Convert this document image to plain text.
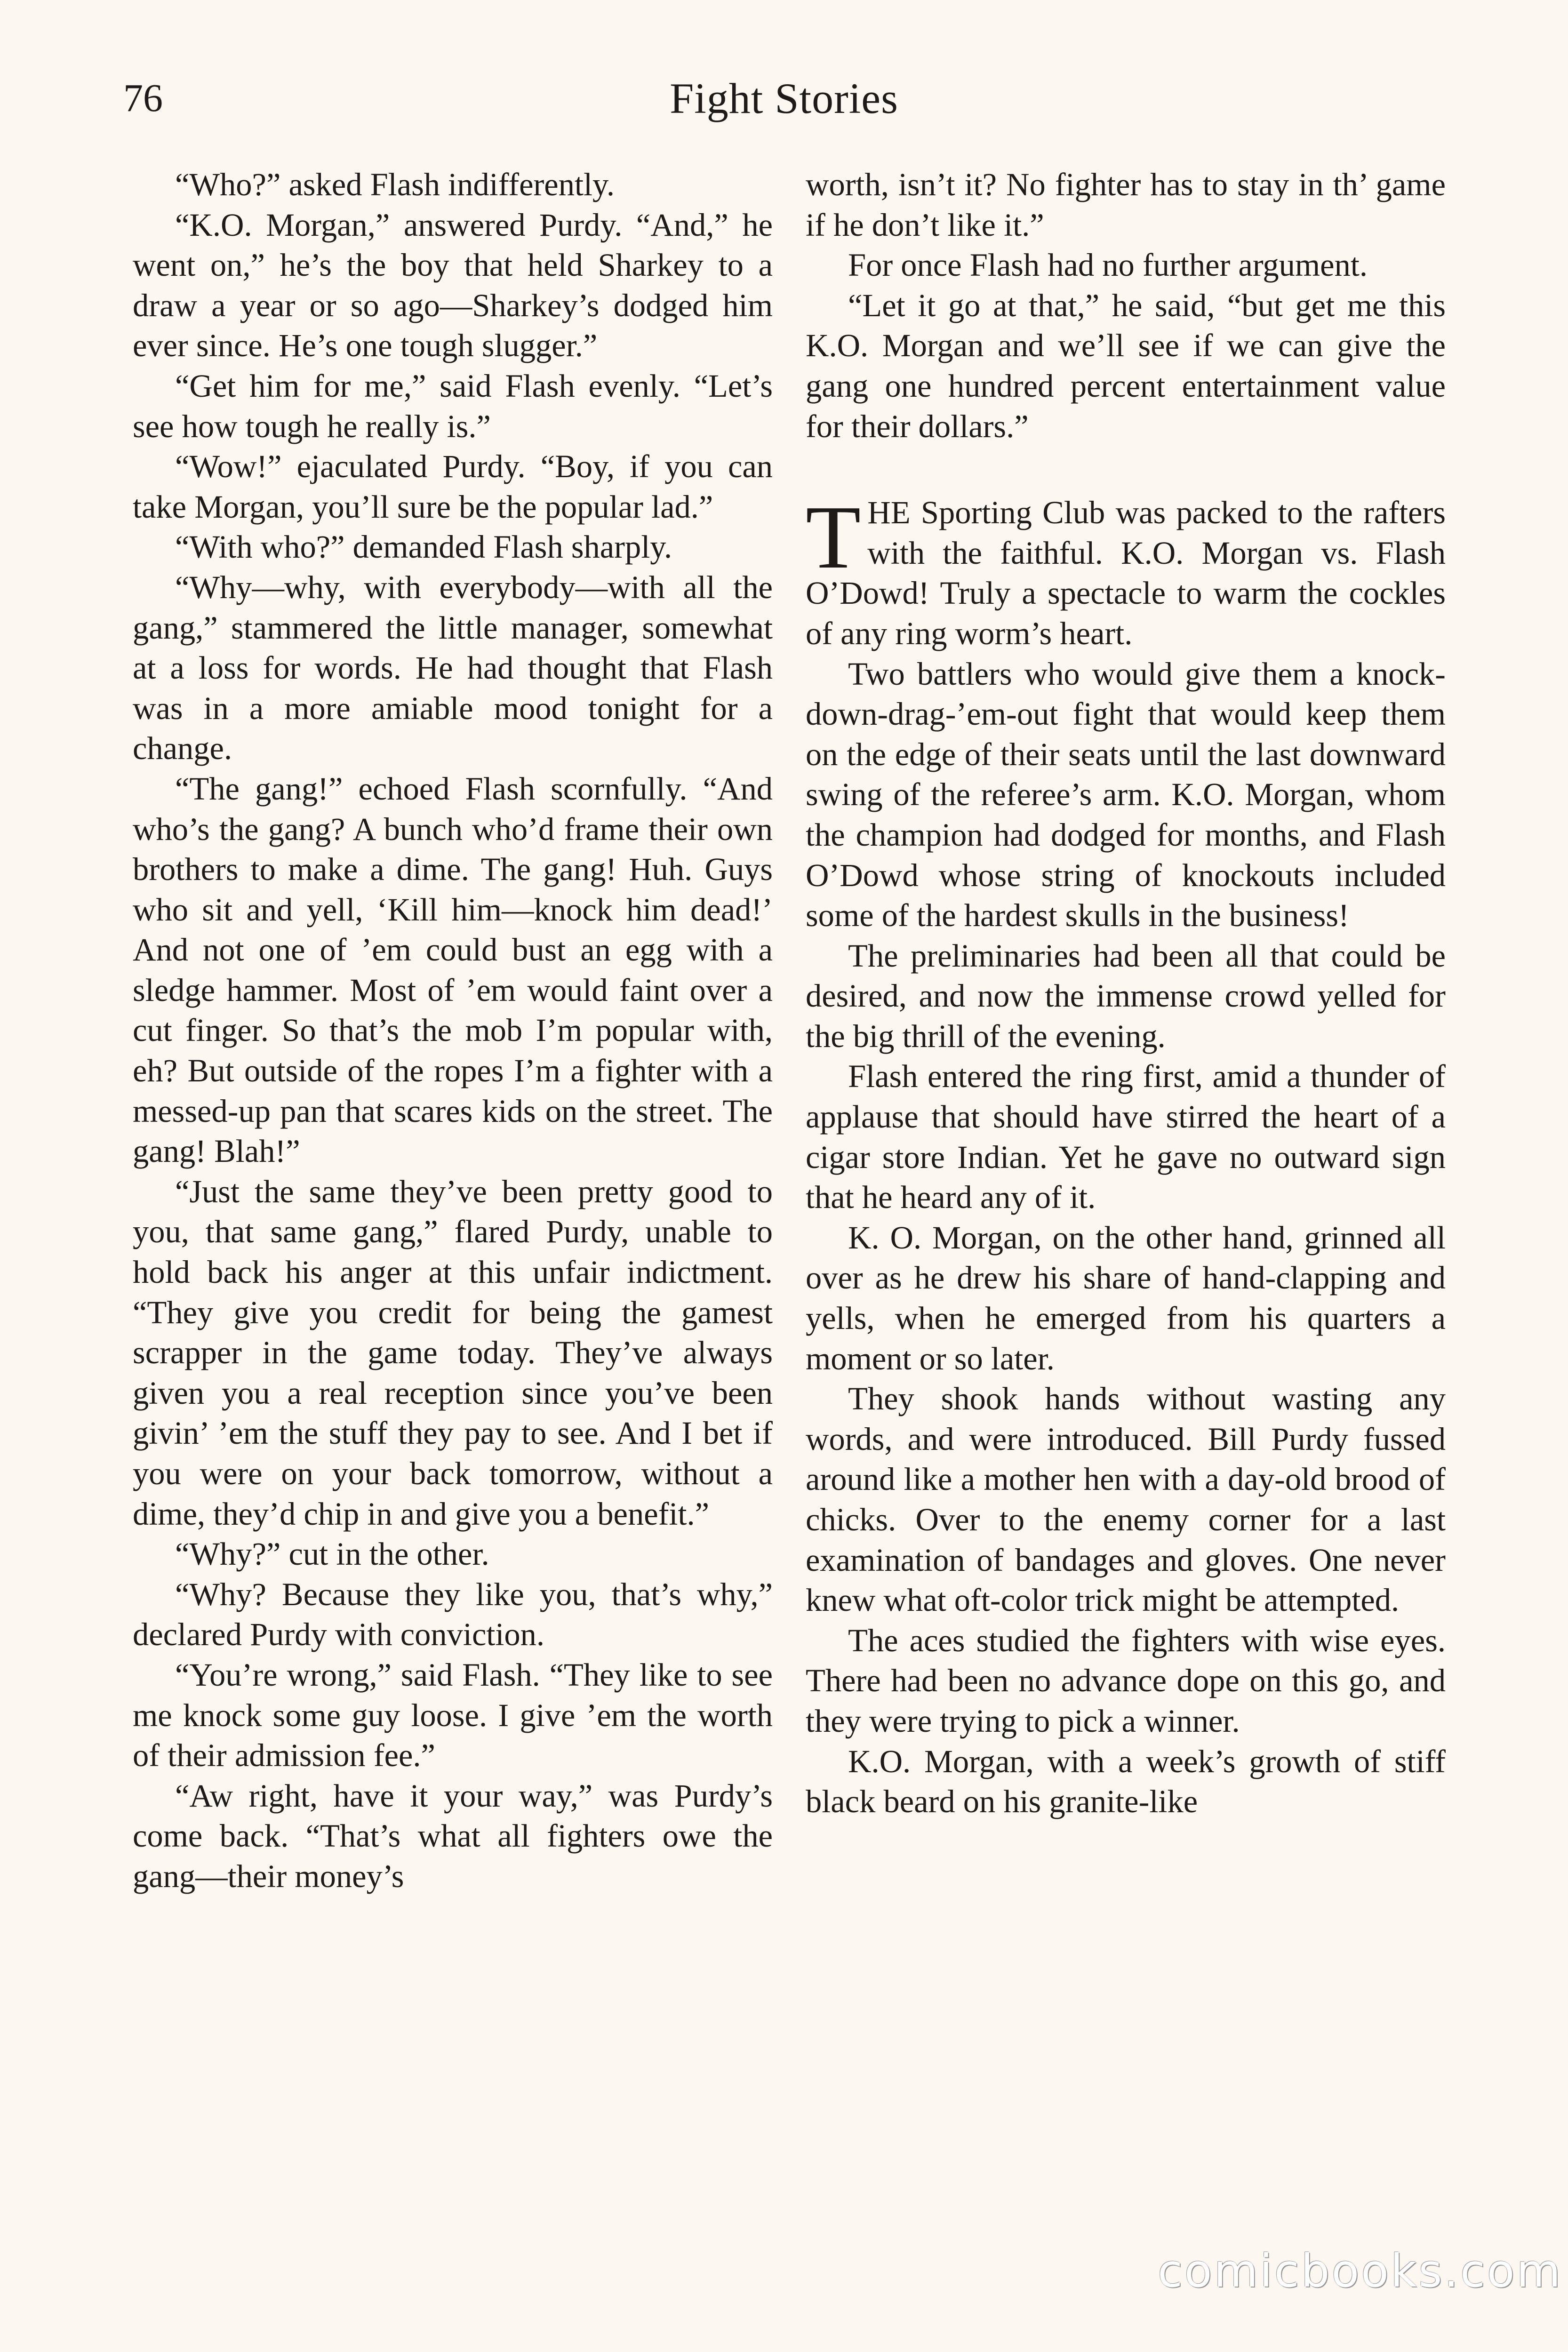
76	Fight Stories

“Who?” asked Flash indifferently.

“K.O. Morgan,” answered Purdy. “And,” he went on,” he’s the boy that held Sharkey to a draw a year or so ago—Sharkey’s dodged him ever since. He’s one tough slugger.”

“Get him for me,” said Flash evenly. “Let’s see how tough he really is.”

“Wow!” ejaculated Purdy. “Boy, if you can take Morgan, you’ll sure be the popular lad.”

“With who?” demanded Flash sharply.

“Why—why, with everybody—with all the gang,” stammered the little manager, somewhat at a loss for words. He had thought that Flash was in a more amiable mood tonight for a change.

“The gang!” echoed Flash scornfully. “And who’s the gang? A bunch who’d frame their own brothers to make a dime. The gang! Huh. Guys who sit and yell, ‘Kill him—knock him dead!’ And not one of ’em could bust an egg with a sledge hammer. Most of ’em would faint over a cut finger. So that’s the mob I’m popular with, eh? But outside of the ropes I’m a fighter with a messed-up pan that scares kids on the street. The gang! Blah!”

“Just the same they’ve been pretty good to you, that same gang,” flared Purdy, unable to hold back his anger at this unfair indictment. “They give you credit for being the gamest scrapper in the game today. They’ve always given you a real reception since you’ve been givin’ ’em the stuff they pay to see. And I bet if you were on your back tomorrow, without a dime, they’d chip in and give you a benefit.”

“Why?” cut in the other.

“Why? Because they like you, that’s why,” declared Purdy with conviction.

“You’re wrong,” said Flash. “They like to see me knock some guy loose. I give ’em the worth of their admission fee.”

“Aw right, have it your way,” was Purdy’s come back. “That’s what all fighters owe the gang—their money’s

worth, isn’t it? No fighter has to stay in th’ game if he don’t like it.”

For once Flash had no further argument.

“Let it go at that,” he said, “but get me this K.O. Morgan and we’ll see if we can give the gang one hundred percent entertainment value for their dollars.”

THE Sporting Club was packed to the rafters with the faithful. K.O. Morgan vs. Flash O’Dowd! Truly a spectacle to warm the cockles of any ring worm’s heart.

Two battlers who would give them a knock-down-drag-’em-out fight that would keep them on the edge of their seats until the last downward swing of the referee’s arm. K.O. Morgan, whom the champion had dodged for months, and Flash O’Dowd whose string of knockouts included some of the hardest skulls in the business!

The preliminaries had been all that could be desired, and now the immense crowd yelled for the big thrill of the evening.

Flash entered the ring first, amid a thunder of applause that should have stirred the heart of a cigar store Indian. Yet he gave no outward sign that he heard any of it.

K. O. Morgan, on the other hand, grinned all over as he drew his share of hand-clapping and yells, when he emerged from his quarters a moment or so later.

They shook hands without wasting any words, and were introduced. Bill Purdy fussed around like a mother hen with a day-old brood of chicks. Over to the enemy corner for a last examination of bandages and gloves. One never knew what oft-color trick might be attempted.

The aces studied the fighters with wise eyes. There had been no advance dope on this go, and they were trying to pick a winner.

K.O. Morgan, with a week’s growth of stiff black beard on his granite-like

comicbooks.com
